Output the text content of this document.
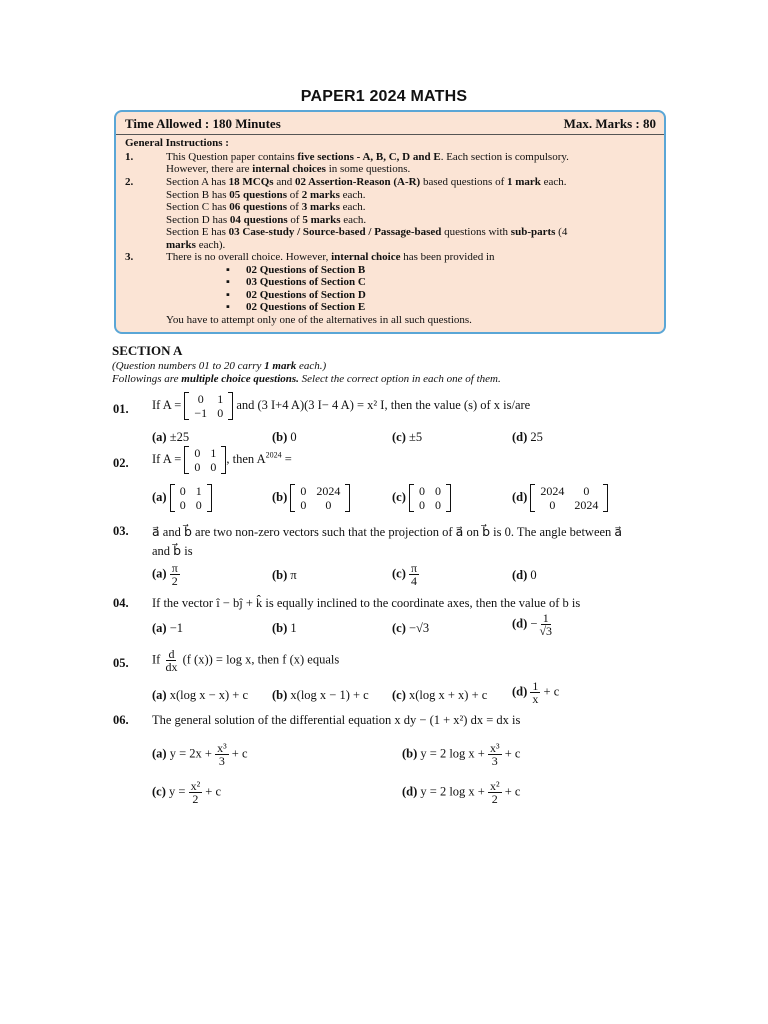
PAPER1 2024 MATHS
Time Allowed : 180 Minutes	Max. Marks : 80
General Instructions :
1.	This Question paper contains five sections - A, B, C, D and E. Each section is compulsory.
However, there are internal choices in some questions.
2.	Section A has 18 MCQs and 02 Assertion-Reason (A-R) based questions of 1 mark each.
Section B has 05 questions of 2 marks each.
Section C has 06 questions of 3 marks each.
Section D has 04 questions of 5 marks each.
Section E has 03 Case-study / Source-based / Passage-based questions with sub-parts (4
marks each).
3.	There is no overall choice. However, internal choice has been provided in
▪ 02 Questions of Section B
▪ 03 Questions of Section C
▪ 02 Questions of Section D
▪ 02 Questions of Section E
You have to attempt only one of the alternatives in all such questions.
SECTION A
(Question numbers 01 to 20 carry 1 mark each.)
Followings are multiple choice questions. Select the correct option in each one of them.
01. If A = 0	1
−1	0
and (3 I+4 A)(3 I− 4 A) = x² I, then the value (s) of x is/are
(a) ±25	(b) 0	(c) ±5	(d) 25
02. If A = 0	1
0	0
, then $A^{2024}$ =
(a) 0	1
0	0
(b) 0	2024
0	0
(c) 0	0
0	0
(d) 2024	0
0	2024
03. a⃗ and b⃗ are two non-zero vectors such that the projection of a⃗ on b⃗ is 0. The angle between a⃗
and b⃗ is
$(a) \frac{\pi}{2}$	(b) π	$(c) \frac{\pi}{4}$	(d) 0
04. If the vector î − bĵ + k̂ is equally inclined to the coordinate axes, then the value of b is
(a) −1	(b) 1	(c) −√3	$(d) - \frac{1}{√3}$
05. If $\frac{d}{dx} (f$ (x)) = log x, then f (x) equals
(a) x(log x − x) + c (b) x(log x − 1) + c (c) x(log x + x) + c $(d) \frac{1}{x} + c$
06. The general solution of the differential equation x dy − (1 + x²) dx = dx is
(a) $y = 2x + \frac{\text{x³}}{3} + c$	(b) y = 2 $\log x + \frac{\text{x³}}{3} + c$
(c) $y = \frac{\text{x²}}{2} + c$	(d) y = 2 $\log x + \frac{\text{x²}}{2} + c$
